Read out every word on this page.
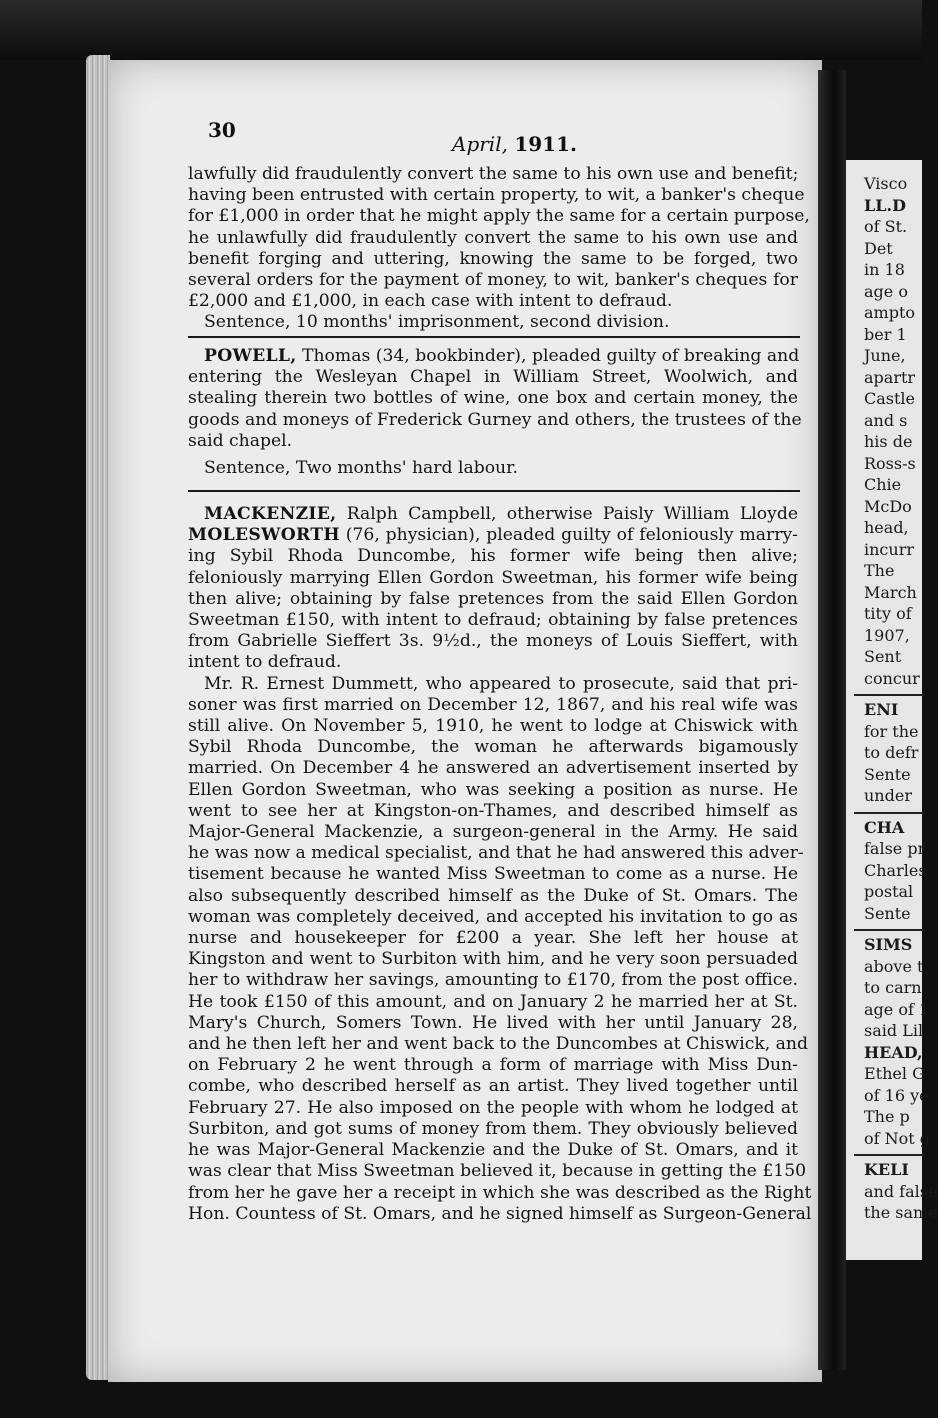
Visco
LL.D
of St.
Det
in 18
age o
ampto
ber 1
June,
apartr
Castle
and s
his de
Ross-s
Chie
McDo
head,
incurr
The
March
tity of
1907,
Sent
concur
ENI
for the
to defr
Sente
under
CHA
false pr
Charles
postal
Sente
SIMS
above t
to carn
age of 1
said Lil
HEAD,
Ethel G
of 16 ye
The p
of Not g
KELI
and false
the same
30
April, 1911.
lawfully did fraudulently convert the same to his own use and benefit;
having been entrusted with certain property, to wit, a banker's cheque
for £1,000 in order that he might apply the same for a certain purpose,
he unlawfully did fraudulently convert the same to his own use and
benefit forging and uttering, knowing the same to be forged, two
several orders for the payment of money, to wit, banker's cheques for
£2,000 and £1,000, in each case with intent to defraud.
Sentence, 10 months' imprisonment, second division.
POWELL, Thomas (34, bookbinder), pleaded guilty of breaking and
entering the Wesleyan Chapel in William Street, Woolwich, and
stealing therein two bottles of wine, one box and certain money, the
goods and moneys of Frederick Gurney and others, the trustees of the
said chapel.
Sentence, Two months' hard labour.
MACKENZIE, Ralph Campbell, otherwise Paisly William Lloyde
MOLESWORTH (76, physician), pleaded guilty of feloniously marry-
ing Sybil Rhoda Duncombe, his former wife being then alive;
feloniously marrying Ellen Gordon Sweetman, his former wife being
then alive; obtaining by false pretences from the said Ellen Gordon
Sweetman £150, with intent to defraud; obtaining by false pretences
from Gabrielle Sieffert 3s. 9½d., the moneys of Louis Sieffert, with
intent to defraud.
Mr. R. Ernest Dummett, who appeared to prosecute, said that pri-
soner was first married on December 12, 1867, and his real wife was
still alive. On November 5, 1910, he went to lodge at Chiswick with
Sybil Rhoda Duncombe, the woman he afterwards bigamously
married. On December 4 he answered an advertisement inserted by
Ellen Gordon Sweetman, who was seeking a position as nurse. He
went to see her at Kingston-on-Thames, and described himself as
Major-General Mackenzie, a surgeon-general in the Army. He said
he was now a medical specialist, and that he had answered this adver-
tisement because he wanted Miss Sweetman to come as a nurse. He
also subsequently described himself as the Duke of St. Omars. The
woman was completely deceived, and accepted his invitation to go as
nurse and housekeeper for £200 a year. She left her house at
Kingston and went to Surbiton with him, and he very soon persuaded
her to withdraw her savings, amounting to £170, from the post office.
He took £150 of this amount, and on January 2 he married her at St.
Mary's Church, Somers Town. He lived with her until January 28,
and he then left her and went back to the Duncombes at Chiswick, and
on February 2 he went through a form of marriage with Miss Dun-
combe, who described herself as an artist. They lived together until
February 27. He also imposed on the people with whom he lodged at
Surbiton, and got sums of money from them. They obviously believed
he was Major-General Mackenzie and the Duke of St. Omars, and it
was clear that Miss Sweetman believed it, because in getting the £150
from her he gave her a receipt in which she was described as the Right
Hon. Countess of St. Omars, and he signed himself as Surgeon-General
